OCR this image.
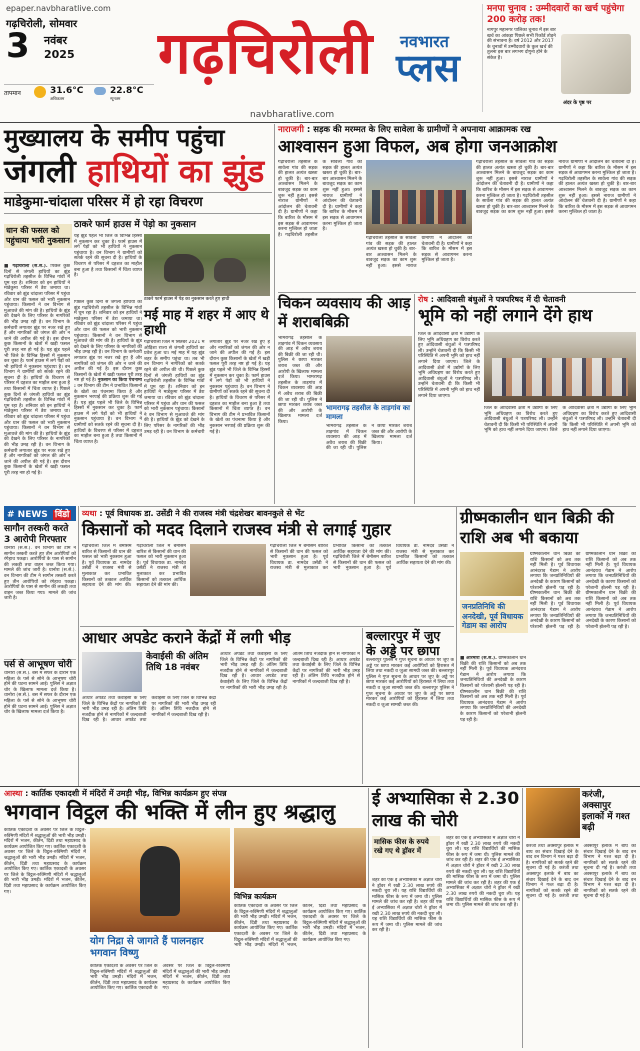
epaper.navbharatlive.com
गढ़चिरोली, सोमवार
3 नवंबर
2025
तापमान	31.6°C
अधिकतम
22.8°C
न्यूनतम
गढ़चिरोली नवभारत
प्लस
navbharatlive.com
मनपा चुनाव : उम्मीदवारों का खर्च पहुंचेगा 200 करोड़ तक!
नागपुर महानगर पालिका चुनाव में इस बार खर्च का आंकड़ा पिछले सभी रिकॉर्ड तोड़ने की संभावना है। वर्ष 2012 और 2017 के चुनावों में उम्मीदवारों के कुल खर्च की तुलना इस बार लगभग दोगुना होने के संकेत हैं।
अंदर के पृष्ठ पर
मुख्यालय के समीप पहुंचा
जंगली हाथियों का झुंड
माडेकुमा-चांदाला परिसर में हो रहा विचरण
धान की फसल को पहुंचाया भारी नुकसान
■ गढ़चिरोली (स.से.). पिछले कुछ दिनों से जंगली हाथियों का झुंड गढ़चिरोली तहसील के विभिन्न गांवों में घूम रहा है। शनिवार को इन हाथियों ने माडेकुमा परिसर में डेरा जमाया था। रविवार को झुंड चांदाला परिसर में पहुंचा और धान की फसल को भारी नुकसान पहुंचाया। किसानों ने वन विभाग से मुआवजे की मांग की है। हाथियों के झुंड को देखने के लिए परिसर के नागरिकों की भीड़ उमड़ रही है। वन विभाग के कर्मचारी लगातार झुंड पर नजर रखे हुए हैं और नागरिकों को जंगल की ओर न जाने की अपील की गई है। इस दौरान कुछ किसानों के खेतों में खड़ी फसल पूरी तरह नष्ट हो गई है। यह झुंड पहले भी जिले के विभिन्न हिस्सों में नुकसान कर चुका है। फार्म हाउस में लगे पेड़ों को भी हाथियों ने नुकसान पहुंचाया है। वन विभाग ने ग्रामीणों को सतर्क रहने की सूचना दी है। हाथियों के विचरण से परिसर में दहशत का माहौल बना हुआ है तथा किसानों में चिंता व्याप्त है। पिछले कुछ दिनों से जंगली हाथियों का झुंड गढ़चिरोली तहसील के विभिन्न गांवों में घूम रहा है। शनिवार को इन हाथियों ने माडेकुमा परिसर में डेरा जमाया था। रविवार को झुंड चांदाला परिसर में पहुंचा और धान की फसल को भारी नुकसान पहुंचाया। किसानों ने वन विभाग से मुआवजे की मांग की है। हाथियों के झुंड को देखने के लिए परिसर के नागरिकों की भीड़ उमड़ रही है। वन विभाग के कर्मचारी लगातार झुंड पर नजर रखे हुए हैं और नागरिकों को जंगल की ओर न जाने की अपील की गई है। इस दौरान कुछ किसानों के खेतों में खड़ी फसल पूरी तरह नष्ट हो गई है।
ठाकरे फार्म हाउस में पेड़ो का नुकसान
यह झुंड पहले भी जिले के विभिन्न हिस्सों में नुकसान कर चुका है। फार्म हाउस में लगे पेड़ों को भी हाथियों ने नुकसान पहुंचाया है। वन विभाग ने ग्रामीणों को सतर्क रहने की सूचना दी है। हाथियों के विचरण से परिसर में दहशत का माहौल बना हुआ है तथा किसानों में चिंता व्याप्त है।
ठाकरे फार्म हाउस में पेड़ का नुकसान करते हुए हाथी
पिछले कुछ दिनों से जंगली हाथियों का झुंड गढ़चिरोली तहसील के विभिन्न गांवों में घूम रहा है। शनिवार को इन हाथियों ने माडेकुमा परिसर में डेरा जमाया था। रविवार को झुंड चांदाला परिसर में पहुंचा और धान की फसल को भारी नुकसान पहुंचाया। किसानों ने वन विभाग से मुआवजे की मांग की है। हाथियों के झुंड को देखने के लिए परिसर के नागरिकों की भीड़ उमड़ रही है। वन विभाग के कर्मचारी लगातार झुंड पर नजर रखे हुए हैं और नागरिकों को जंगल की ओर न जाने की अपील की गई है। इस दौरान कुछ किसानों के खेतों में खड़ी फसल पूरी तरह नष्ट हो गई है। नुकसान का किया पंचनामा : वन विभाग की टीम ने प्रभावित किसानों के खेतों का पंचनामा किया है और नुकसान भरपाई की प्रक्रिया शुरू की गई है। यह झुंड पहले भी जिले के विभिन्न हिस्सों में नुकसान कर चुका है। फार्म हाउस में लगे पेड़ों को भी हाथियों ने नुकसान पहुंचाया है। वन विभाग ने ग्रामीणों को सतर्क रहने की सूचना दी है। हाथियों के विचरण से परिसर में दहशत का माहौल बना हुआ है तथा किसानों में चिंता व्याप्त है।
मई माह में शहर में आए थे हाथी
गढ़चिरोली जिले में सितंबर 2021 में ओड़िशा राज्य से जंगली हाथियों का प्रवेश हुआ था। मई माह में यह झुंड शहर के समीप पहुंचा था। तब भी वन विभाग ने नागरिकों को सतर्क रहने की अपील की थी। पिछले कुछ दिनों से जंगली हाथियों का झुंड गढ़चिरोली तहसील के विभिन्न गांवों में घूम रहा है। शनिवार को इन हाथियों ने माडेकुमा परिसर में डेरा जमाया था। रविवार को झुंड चांदाला परिसर में पहुंचा और धान की फसल को भारी नुकसान पहुंचाया। किसानों ने वन विभाग से मुआवजे की मांग की है। हाथियों के झुंड को देखने के लिए परिसर के नागरिकों की भीड़ उमड़ रही है। वन विभाग के कर्मचारी लगातार झुंड पर नजर रखे हुए हैं और नागरिकों को जंगल की ओर न जाने की अपील की गई है। इस दौरान कुछ किसानों के खेतों में खड़ी फसल पूरी तरह नष्ट हो गई है। यह झुंड पहले भी जिले के विभिन्न हिस्सों में नुकसान कर चुका है। फार्म हाउस में लगे पेड़ों को भी हाथियों ने नुकसान पहुंचाया है। वन विभाग ने ग्रामीणों को सतर्क रहने की सूचना दी है। हाथियों के विचरण से परिसर में दहशत का माहौल बना हुआ है तथा किसानों में चिंता व्याप्त है। वन विभाग की टीम ने प्रभावित किसानों के खेतों का पंचनामा किया है और नुकसान भरपाई की प्रक्रिया शुरू की गई है।
नाराजगी : सड़क की मरम्मत के लिए सावेला के ग्रामीणों ने अपनाया आक्रामक रख
आश्वासन हुआ विफल, अब होगा जनआक्रोश
गढ़चिरोली तहसील के सावेला गांव की सड़क की हालत अत्यंत खस्ता हो चुकी है। बार-बार आश्वासन मिलने के बावजूद सड़क का काम शुरू नहीं हुआ। इससे नाराज ग्रामीणों ने आंदोलन की चेतावनी दी है। ग्रामीणों ने कहा कि बारिश के मौसम में इस सड़क से आवागमन करना मुश्किल हो जाता है। गढ़चिरोली तहसील के सावेला गांव की सड़क की हालत अत्यंत खस्ता हो चुकी है। बार-बार आश्वासन मिलने के बावजूद सड़क का काम शुरू नहीं हुआ। इससे नाराज ग्रामीणों ने आंदोलन की चेतावनी दी है। ग्रामीणों ने कहा कि बारिश के मौसम में इस सड़क से आवागमन करना मुश्किल हो जाता है।
गढ़चिरोली तहसील के सावेला गांव की सड़क की हालत अत्यंत खस्ता हो चुकी है। बार-बार आश्वासन मिलने के बावजूद सड़क का काम शुरू नहीं हुआ। इससे नाराज ग्रामीणों ने आंदोलन की चेतावनी दी है। ग्रामीणों ने कहा कि बारिश के मौसम में इस सड़क से आवागमन करना मुश्किल हो जाता है।
गढ़चिरोली तहसील के सावेला गांव की सड़क की हालत अत्यंत खस्ता हो चुकी है। बार-बार आश्वासन मिलने के बावजूद सड़क का काम शुरू नहीं हुआ। इससे नाराज ग्रामीणों ने आंदोलन की चेतावनी दी है। ग्रामीणों ने कहा कि बारिश के मौसम में इस सड़क से आवागमन करना मुश्किल हो जाता है। गढ़चिरोली तहसील के सावेला गांव की सड़क की हालत अत्यंत खस्ता हो चुकी है। बार-बार आश्वासन मिलने के बावजूद सड़क का काम शुरू नहीं हुआ। इससे नाराज ग्रामीणों ने आंदोलन की चेतावनी दी है। ग्रामीणों ने कहा कि बारिश के मौसम में इस सड़क से आवागमन करना मुश्किल हो जाता है। गढ़चिरोली तहसील के सावेला गांव की सड़क की हालत अत्यंत खस्ता हो चुकी है। बार-बार आश्वासन मिलने के बावजूद सड़क का काम शुरू नहीं हुआ। इससे नाराज ग्रामीणों ने आंदोलन की चेतावनी दी है। ग्रामीणों ने कहा कि बारिश के मौसम में इस सड़क से आवागमन करना मुश्किल हो जाता है।
चिकन व्यवसाय की आड़ में शराबबिक्री
भामरागढ़ तहसील के ताड़गांव में चिकन व्यवसाय की आड़ में अवैध शराब की बिक्री की जा रही थी। पुलिस ने छापा मारकर शराब जब्त की और आरोपी के खिलाफ मामला दर्ज किया। भामरागढ़ तहसील के ताड़गांव में चिकन व्यवसाय की आड़ में अवैध शराब की बिक्री की जा रही थी। पुलिस ने छापा मारकर शराब जब्त की और आरोपी के खिलाफ मामला दर्ज किया।
भामरागढ़ तहसील के ताड़गांव का मामला
भामरागढ़ तहसील के ताड़गांव में चिकन व्यवसाय की आड़ में अवैध शराब की बिक्री की जा रही थी। पुलिस ने छापा मारकर शराब जब्त की और आरोपी के खिलाफ मामला दर्ज किया।
रोष : आदिवासी बंधुओं ने पत्रपरिषद में दी चेतावनी
भूमि को नहीं लगाने देंगे हाथ
जिले के आदिवासी क्षेत्रों में उद्योगों के लिए भूमि अधिग्रहण का विरोध करते हुए आदिवासी बंधुओं ने पत्रपरिषद ली। उन्होंने चेतावनी दी कि किसी भी परिस्थिति में अपनी भूमि को हाथ नहीं लगाने दिया जाएगा। जिले के आदिवासी क्षेत्रों में उद्योगों के लिए भूमि अधिग्रहण का विरोध करते हुए आदिवासी बंधुओं ने पत्रपरिषद ली। उन्होंने चेतावनी दी कि किसी भी परिस्थिति में अपनी भूमि को हाथ नहीं लगाने दिया जाएगा।
जिले के आदिवासी क्षेत्रों में उद्योगों के लिए भूमि अधिग्रहण का विरोध करते हुए आदिवासी बंधुओं ने पत्रपरिषद ली। उन्होंने चेतावनी दी कि किसी भी परिस्थिति में अपनी भूमि को हाथ नहीं लगाने दिया जाएगा। जिले के आदिवासी क्षेत्रों में उद्योगों के लिए भूमि अधिग्रहण का विरोध करते हुए आदिवासी बंधुओं ने पत्रपरिषद ली। उन्होंने चेतावनी दी कि किसी भी परिस्थिति में अपनी भूमि को हाथ नहीं लगाने दिया जाएगा।
# NEWS विंडो
सागौन तस्करी करते 3 आरोपी गिरफ्तार
धानोरा (स.से.). वन विभाग की टीम ने सागौन तस्करी करते हुए तीन आरोपियों को रंगेहाथ पकड़ा। आरोपियों के पास से सागौन की लकड़ी तथा वाहन जब्त किया गया। मामले की जांच जारी है। धानोरा (स.से.). वन विभाग की टीम ने सागौन तस्करी करते हुए तीन आरोपियों को रंगेहाथ पकड़ा। आरोपियों के पास से सागौन की लकड़ी तथा वाहन जब्त किया गया। मामले की जांच जारी है।
पर्स से आभूषण चोरी
धानोरा (स.से.). बस में सफर के दौरान एक महिला के पर्स से सोने के आभूषण चोरी होने की घटना सामने आई। पुलिस ने अज्ञात चोर के खिलाफ मामला दर्ज किया है। धानोरा (स.से.). बस में सफर के दौरान एक महिला के पर्स से सोने के आभूषण चोरी होने की घटना सामने आई। पुलिस ने अज्ञात चोर के खिलाफ मामला दर्ज किया है।
व्यथा : पूर्व विधायक डा. उसेंडी ने की राजस्व मंत्री चंद्रशेखर बावनकुले से भेंट
किसानों को मदद दिलाने राजस्व मंत्री से लगाई गुहार
गढ़चिरोली जिले में बेमौसम बारिश से किसानों की धान की फसल को भारी नुकसान हुआ है। पूर्व विधायक डा. नामदेव उसेंडी ने राजस्व मंत्री से मुलाकात कर प्रभावित किसानों को तत्काल आर्थिक सहायता देने की मांग की। गढ़चिरोली जिले में बेमौसम बारिश से किसानों की धान की फसल को भारी नुकसान हुआ है। पूर्व विधायक डा. नामदेव उसेंडी ने राजस्व मंत्री से मुलाकात कर प्रभावित किसानों को तत्काल आर्थिक सहायता देने की मांग की।
गढ़चिरोली जिले में बेमौसम बारिश से किसानों की धान की फसल को भारी नुकसान हुआ है। पूर्व विधायक डा. नामदेव उसेंडी ने राजस्व मंत्री से मुलाकात कर प्रभावित किसानों को तत्काल आर्थिक सहायता देने की मांग की। गढ़चिरोली जिले में बेमौसम बारिश से किसानों की धान की फसल को भारी नुकसान हुआ है। पूर्व विधायक डा. नामदेव उसेंडी ने राजस्व मंत्री से मुलाकात कर प्रभावित किसानों को तत्काल आर्थिक सहायता देने की मांग की।
ग्रीष्मकालीन धान बिक्री की राशि अब भी बकाया
जनप्रतिनिधि की अनदेखी, पूर्व विधायक गेडाम का आरोप
■ आरमोरी (स.से.). ग्रीष्मकालीन धान बिक्री की राशि किसानों को अब तक नहीं मिली है। पूर्व विधायक आनंदराव गेडाम ने आरोप लगाया कि जनप्रतिनिधियों की अनदेखी के कारण किसानों को परेशानी झेलनी पड़ रही है। ग्रीष्मकालीन धान बिक्री की राशि किसानों को अब तक नहीं मिली है। पूर्व विधायक आनंदराव गेडाम ने आरोप लगाया कि जनप्रतिनिधियों की अनदेखी के कारण किसानों को परेशानी झेलनी पड़ रही है।
ग्रीष्मकालीन धान बिक्री की राशि किसानों को अब तक नहीं मिली है। पूर्व विधायक आनंदराव गेडाम ने आरोप लगाया कि जनप्रतिनिधियों की अनदेखी के कारण किसानों को परेशानी झेलनी पड़ रही है। ग्रीष्मकालीन धान बिक्री की राशि किसानों को अब तक नहीं मिली है। पूर्व विधायक आनंदराव गेडाम ने आरोप लगाया कि जनप्रतिनिधियों की अनदेखी के कारण किसानों को परेशानी झेलनी पड़ रही है। ग्रीष्मकालीन धान बिक्री की राशि किसानों को अब तक नहीं मिली है। पूर्व विधायक आनंदराव गेडाम ने आरोप लगाया कि जनप्रतिनिधियों की अनदेखी के कारण किसानों को परेशानी झेलनी पड़ रही है। ग्रीष्मकालीन धान बिक्री की राशि किसानों को अब तक नहीं मिली है। पूर्व विधायक आनंदराव गेडाम ने आरोप लगाया कि जनप्रतिनिधियों की अनदेखी के कारण किसानों को परेशानी झेलनी पड़ रही है।
आधार अपडेट कराने केंद्रों में लगी भीड़
केवाईसी की अंतिम तिथि 18 नवंबर
आधार अपडेट तथा केवाईसी के लिए जिले के विभिन्न केंद्रों पर नागरिकों की भारी भीड़ उमड़ रही है। अंतिम तिथि नजदीक होने से नागरिकों में जल्दबाजी दिख रही है। आधार अपडेट तथा केवाईसी के लिए जिले के विभिन्न केंद्रों पर नागरिकों की भारी भीड़ उमड़ रही है। अंतिम तिथि नजदीक होने से नागरिकों में जल्दबाजी दिख रही है।
आधार अपडेट तथा केवाईसी के लिए जिले के विभिन्न केंद्रों पर नागरिकों की भारी भीड़ उमड़ रही है। अंतिम तिथि नजदीक होने से नागरिकों में जल्दबाजी दिख रही है। आधार अपडेट तथा केवाईसी के लिए जिले के विभिन्न केंद्रों पर नागरिकों की भारी भीड़ उमड़ रही है। अंतिम तिथि नजदीक होने से नागरिकों में जल्दबाजी दिख रही है। आधार अपडेट तथा केवाईसी के लिए जिले के विभिन्न केंद्रों पर नागरिकों की भारी भीड़ उमड़ रही है। अंतिम तिथि नजदीक होने से नागरिकों में जल्दबाजी दिख रही है।
बल्लारपुर में जुए के अड्डे पर छापा
बल्लारपुर पुलिस ने गुप्त सूचना के आधार पर जुए के अड्डे पर छापा मारकर कई आरोपियों को हिरासत में लिया तथा नकदी व जुआ सामग्री जब्त की। बल्लारपुर पुलिस ने गुप्त सूचना के आधार पर जुए के अड्डे पर छापा मारकर कई आरोपियों को हिरासत में लिया तथा नकदी व जुआ सामग्री जब्त की। बल्लारपुर पुलिस ने गुप्त सूचना के आधार पर जुए के अड्डे पर छापा मारकर कई आरोपियों को हिरासत में लिया तथा नकदी व जुआ सामग्री जब्त की।
आस्था : कार्तिक एकादशी में मंदिरों में उमड़ी भीड़, विभिन्न कार्यक्रम हुए संपन्न
भगवान विट्ठल की भक्ति में लीन हुए श्रद्धालु
कार्तिक एकादशी के अवसर पर जिले के विट्ठल-रुक्मिणी मंदिरों में श्रद्धालुओं की भारी भीड़ उमड़ी। मंदिरों में भजन, कीर्तन, दिंडी तथा महाप्रसाद के कार्यक्रम आयोजित किए गए। कार्तिक एकादशी के अवसर पर जिले के विट्ठल-रुक्मिणी मंदिरों में श्रद्धालुओं की भारी भीड़ उमड़ी। मंदिरों में भजन, कीर्तन, दिंडी तथा महाप्रसाद के कार्यक्रम आयोजित किए गए। कार्तिक एकादशी के अवसर पर जिले के विट्ठल-रुक्मिणी मंदिरों में श्रद्धालुओं की भारी भीड़ उमड़ी। मंदिरों में भजन, कीर्तन, दिंडी तथा महाप्रसाद के कार्यक्रम आयोजित किए गए।
योग निद्रा से जागते हैं पालनहार भगवान विष्णु
कार्तिक एकादशी के अवसर पर जिले के विट्ठल-रुक्मिणी मंदिरों में श्रद्धालुओं की भारी भीड़ उमड़ी। मंदिरों में भजन, कीर्तन, दिंडी तथा महाप्रसाद के कार्यक्रम आयोजित किए गए। कार्तिक एकादशी के अवसर पर जिले के विट्ठल-रुक्मिणी मंदिरों में श्रद्धालुओं की भारी भीड़ उमड़ी। मंदिरों में भजन, कीर्तन, दिंडी तथा महाप्रसाद के कार्यक्रम आयोजित किए गए।
विभिन्न कार्यक्रम
कार्तिक एकादशी के अवसर पर जिले के विट्ठल-रुक्मिणी मंदिरों में श्रद्धालुओं की भारी भीड़ उमड़ी। मंदिरों में भजन, कीर्तन, दिंडी तथा महाप्रसाद के कार्यक्रम आयोजित किए गए। कार्तिक एकादशी के अवसर पर जिले के विट्ठल-रुक्मिणी मंदिरों में श्रद्धालुओं की भारी भीड़ उमड़ी। मंदिरों में भजन, कीर्तन, दिंडी तथा महाप्रसाद के कार्यक्रम आयोजित किए गए। कार्तिक एकादशी के अवसर पर जिले के विट्ठल-रुक्मिणी मंदिरों में श्रद्धालुओं की भारी भीड़ उमड़ी। मंदिरों में भजन, कीर्तन, दिंडी तथा महाप्रसाद के कार्यक्रम आयोजित किए गए।
ई अभ्यासिका से 2.30 लाख की चोरी
मासिक फीस के रुपये रखे गए थे ड्रॉवर में
शहर की एक ई अभ्यासिका में अज्ञात चोरों ने ड्रॉवर में रखी 2.30 लाख रुपये की नकदी चुरा ली। यह राशि विद्यार्थियों की मासिक फीस के रूप में जमा थी। पुलिस मामले की जांच कर रही है। शहर की एक ई अभ्यासिका में अज्ञात चोरों ने ड्रॉवर में रखी 2.30 लाख रुपये की नकदी चुरा ली। यह राशि विद्यार्थियों की मासिक फीस के रूप में जमा थी। पुलिस मामले की जांच कर रही है।
शहर की एक ई अभ्यासिका में अज्ञात चोरों ने ड्रॉवर में रखी 2.30 लाख रुपये की नकदी चुरा ली। यह राशि विद्यार्थियों की मासिक फीस के रूप में जमा थी। पुलिस मामले की जांच कर रही है। शहर की एक ई अभ्यासिका में अज्ञात चोरों ने ड्रॉवर में रखी 2.30 लाख रुपये की नकदी चुरा ली। यह राशि विद्यार्थियों की मासिक फीस के रूप में जमा थी। पुलिस मामले की जांच कर रही है। शहर की एक ई अभ्यासिका में अज्ञात चोरों ने ड्रॉवर में रखी 2.30 लाख रुपये की नकदी चुरा ली। यह राशि विद्यार्थियों की मासिक फीस के रूप में जमा थी। पुलिस मामले की जांच कर रही है।
करंजी, अक्सापुर इलाकों में गश्त बढ़ी
करंजी तथा अक्सापुर इलाके में बाघ का संचार दिखाई देने के बाद वन विभाग ने गश्त बढ़ा दी है। नागरिकों को सतर्क रहने की सूचना दी गई है। करंजी तथा अक्सापुर इलाके में बाघ का संचार दिखाई देने के बाद वन विभाग ने गश्त बढ़ा दी है। नागरिकों को सतर्क रहने की सूचना दी गई है। करंजी तथा अक्सापुर इलाके में बाघ का संचार दिखाई देने के बाद वन विभाग ने गश्त बढ़ा दी है। नागरिकों को सतर्क रहने की सूचना दी गई है। करंजी तथा अक्सापुर इलाके में बाघ का संचार दिखाई देने के बाद वन विभाग ने गश्त बढ़ा दी है। नागरिकों को सतर्क रहने की सूचना दी गई है।
